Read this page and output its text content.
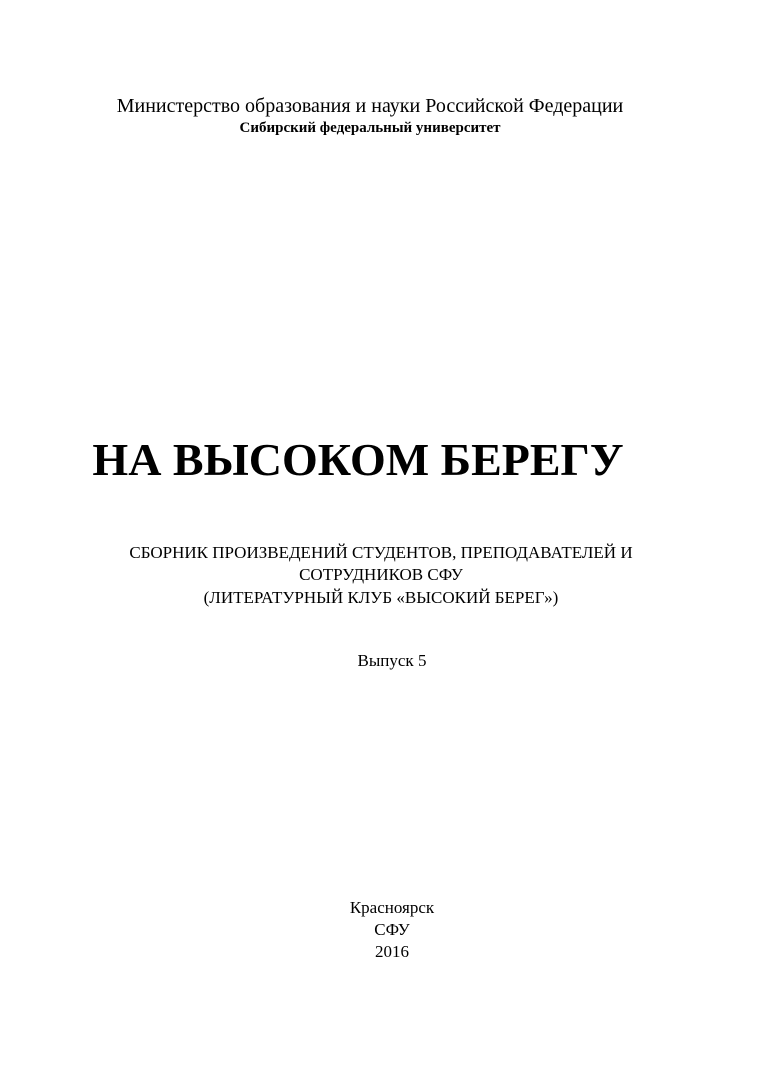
Министерство образования и науки Российской Федерации
Сибирский федеральный университет
НА ВЫСОКОМ БЕРЕГУ
СБОРНИК ПРОИЗВЕДЕНИЙ СТУДЕНТОВ, ПРЕПОДАВАТЕЛЕЙ И
СОТРУДНИКОВ СФУ
(ЛИТЕРАТУРНЫЙ КЛУБ «ВЫСОКИЙ БЕРЕГ»)
Выпуск 5
Красноярск
СФУ
2016
